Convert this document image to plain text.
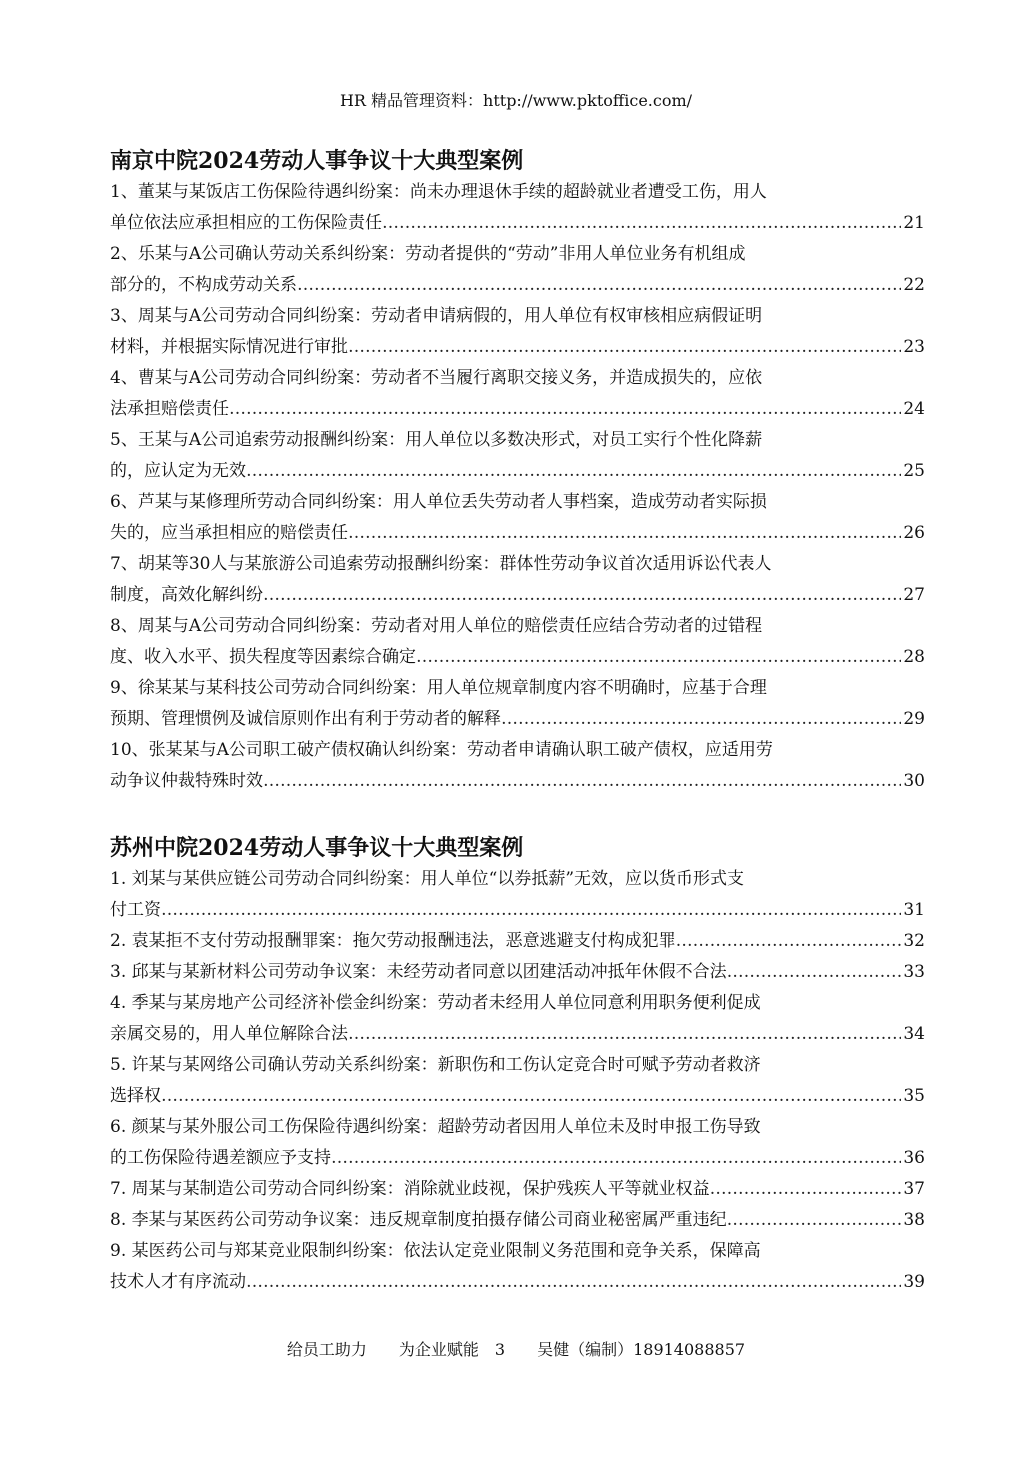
HR 精品管理资料：http://www.pktoffice.com/
南京中院2024劳动人事争议十大典型案例
1、董某与某饭店工伤保险待遇纠纷案：尚未办理退休手续的超龄就业者遭受工伤，用人
单位依法应承担相应的工伤保险责任 …………………………………………………………………………………………………………………………………………………………………………………………………………	21
2、乐某与A公司确认劳动关系纠纷案：劳动者提供的“劳动”非用人单位业务有机组成
部分的，不构成劳动关系 …………………………………………………………………………………………………………………………………………………………………………………………………………	22
3、周某与A公司劳动合同纠纷案：劳动者申请病假的，用人单位有权审核相应病假证明
材料，并根据实际情况进行审批 …………………………………………………………………………………………………………………………………………………………………………………………………………	23
4、曹某与A公司劳动合同纠纷案：劳动者不当履行离职交接义务，并造成损失的，应依
法承担赔偿责任 …………………………………………………………………………………………………………………………………………………………………………………………………………	24
5、王某与A公司追索劳动报酬纠纷案：用人单位以多数决形式，对员工实行个性化降薪
的，应认定为无效 …………………………………………………………………………………………………………………………………………………………………………………………………………	25
6、芦某与某修理所劳动合同纠纷案：用人单位丢失劳动者人事档案，造成劳动者实际损
失的，应当承担相应的赔偿责任 …………………………………………………………………………………………………………………………………………………………………………………………………………	26
7、胡某等30人与某旅游公司追索劳动报酬纠纷案：群体性劳动争议首次适用诉讼代表人
制度，高效化解纠纷 …………………………………………………………………………………………………………………………………………………………………………………………………………	27
8、周某与A公司劳动合同纠纷案：劳动者对用人单位的赔偿责任应结合劳动者的过错程
度、收入水平、损失程度等因素综合确定 …………………………………………………………………………………………………………………………………………………………………………………………………………	28
9、徐某某与某科技公司劳动合同纠纷案：用人单位规章制度内容不明确时，应基于合理
预期、管理惯例及诚信原则作出有利于劳动者的解释 …………………………………………………………………………………………………………………………………………………………………………………………………………	29
10、张某某与A公司职工破产债权确认纠纷案：劳动者申请确认职工破产债权，应适用劳
动争议仲裁特殊时效 …………………………………………………………………………………………………………………………………………………………………………………………………………	30
苏州中院2024劳动人事争议十大典型案例
1. 刘某与某供应链公司劳动合同纠纷案：用人单位“以券抵薪”无效，应以货币形式支
付工资 …………………………………………………………………………………………………………………………………………………………………………………………………………	31
2. 袁某拒不支付劳动报酬罪案：拖欠劳动报酬违法，恶意逃避支付构成犯罪 …………………………………………………………………………………………………………………………………………………………………………………………………………	32
3. 邱某与某新材料公司劳动争议案：未经劳动者同意以团建活动冲抵年休假不合法 …………………………………………………………………………………………………………………………………………………………………………………………………………	33
4. 季某与某房地产公司经济补偿金纠纷案：劳动者未经用人单位同意利用职务便利促成
亲属交易的，用人单位解除合法 …………………………………………………………………………………………………………………………………………………………………………………………………………	34
5. 许某与某网络公司确认劳动关系纠纷案：新职伤和工伤认定竞合时可赋予劳动者救济
选择权 …………………………………………………………………………………………………………………………………………………………………………………………………………	35
6. 颜某与某外服公司工伤保险待遇纠纷案：超龄劳动者因用人单位未及时申报工伤导致
的工伤保险待遇差额应予支持 …………………………………………………………………………………………………………………………………………………………………………………………………………	36
7. 周某与某制造公司劳动合同纠纷案：消除就业歧视，保护残疾人平等就业权益 …………………………………………………………………………………………………………………………………………………………………………………………………………	37
8. 李某与某医药公司劳动争议案：违反规章制度拍摄存储公司商业秘密属严重违纪 …………………………………………………………………………………………………………………………………………………………………………………………………………	38
9. 某医药公司与郑某竞业限制纠纷案：依法认定竞业限制义务范围和竞争关系，保障高
技术人才有序流动 …………………………………………………………………………………………………………………………………………………………………………………………………………	39
给员工助力　　为企业赋能　3　　吴健（编制）18914088857
